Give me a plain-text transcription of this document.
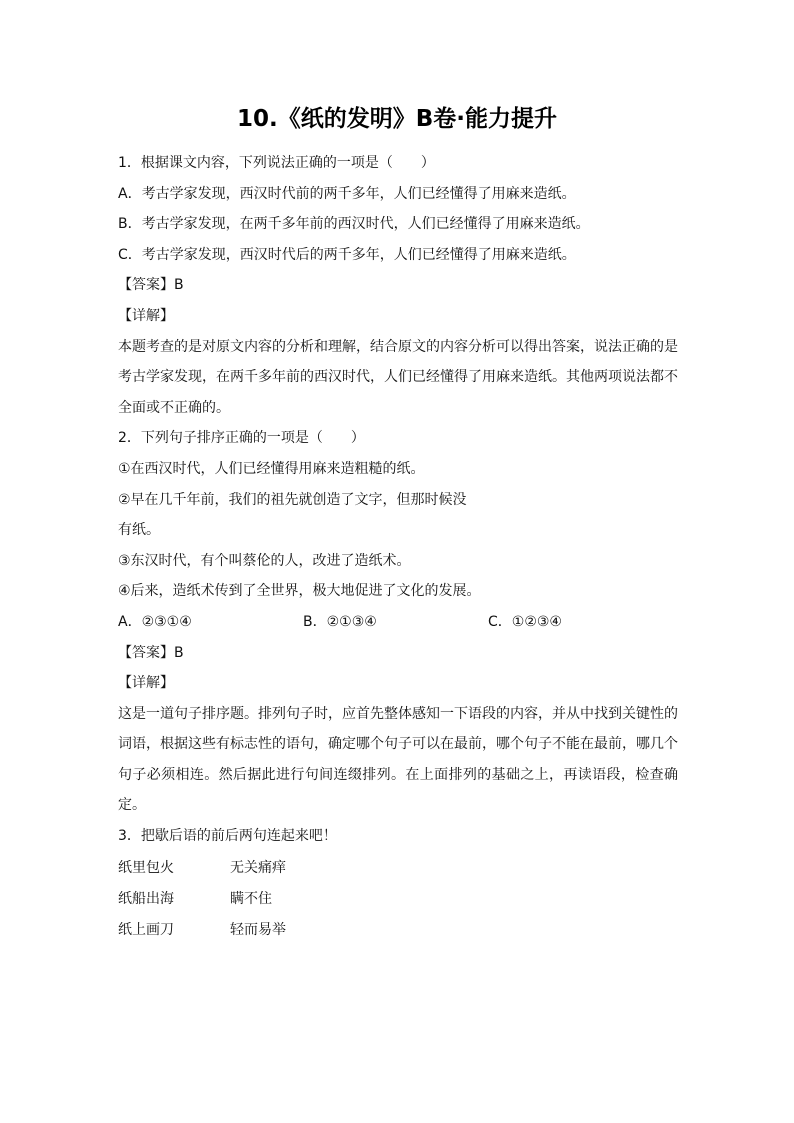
10.《纸的发明》B卷·能力提升
1．根据课文内容，下列说法正确的一项是（　　）
A．考古学家发现，西汉时代前的两千多年，人们已经懂得了用麻来造纸。
B．考古学家发现，在两千多年前的西汉时代，人们已经懂得了用麻来造纸。
C．考古学家发现，西汉时代后的两千多年，人们已经懂得了用麻来造纸。
【答案】B
【详解】
本题考查的是对原文内容的分析和理解，结合原文的内容分析可以得出答案，说法正确的是考古学家发现，在两千多年前的西汉时代，人们已经懂得了用麻来造纸。其他两项说法都不全面或不正确的。
2．下列句子排序正确的一项是（　　）
①在西汉时代，人们已经懂得用麻来造粗糙的纸。
②早在几千年前，我们的祖先就创造了文字，但那时候没
有纸。
③东汉时代，有个叫蔡伦的人，改进了造纸术。
④后来，造纸术传到了全世界，极大地促进了文化的发展。
A．②③①④	B．②①③④	C．①②③④
【答案】B
【详解】
这是一道句子排序题。排列句子时，应首先整体感知一下语段的内容，并从中找到关键性的词语，根据这些有标志性的语句，确定哪个句子可以在最前，哪个句子不能在最前，哪几个句子必须相连。然后据此进行句间连缀排列。在上面排列的基础之上，再读语段，检查确定。
3．把歇后语的前后两句连起来吧！
纸里包火	无关痛痒
纸船出海	瞒不住
纸上画刀	轻而易举
